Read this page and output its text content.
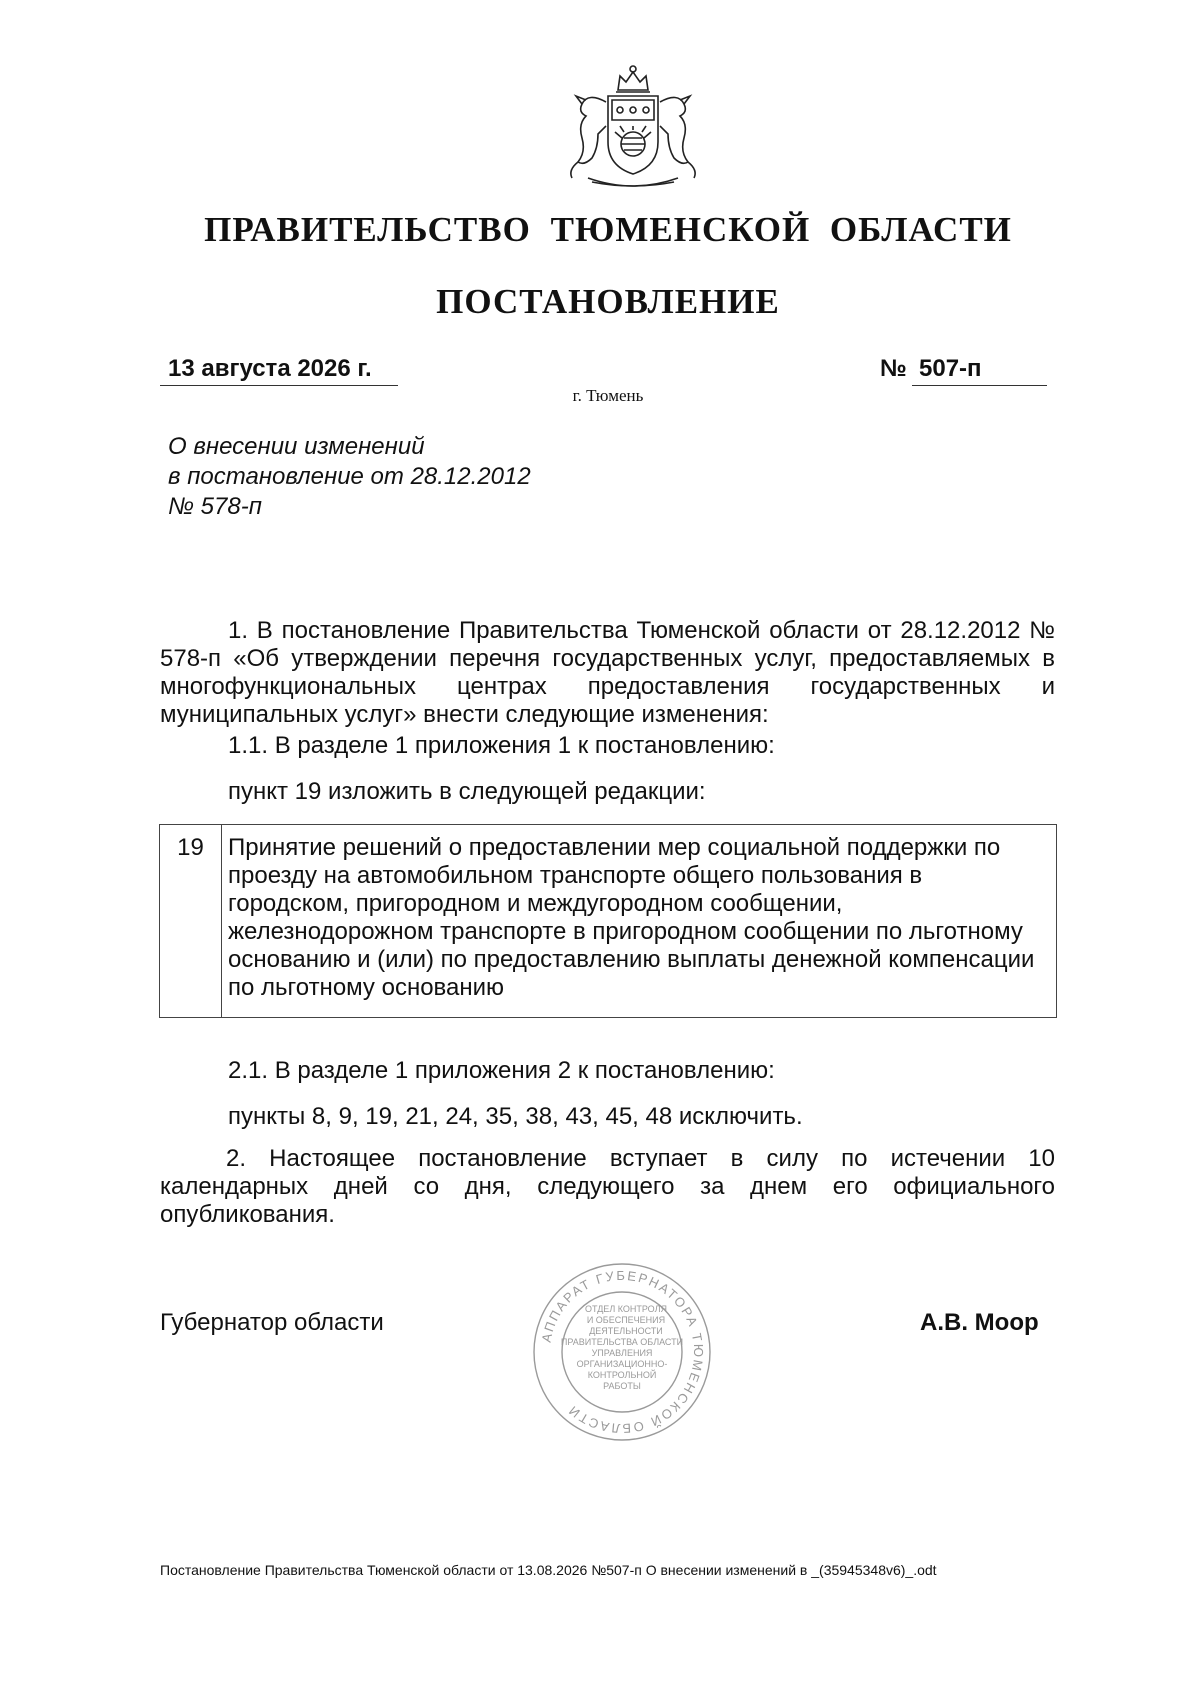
ПРАВИТЕЛЬСТВО ТЮМЕНСКОЙ ОБЛАСТИ
ПОСТАНОВЛЕНИЕ
13 августа 2026 г.	№ 507-п
г. Тюмень
О внесении изменений
в постановление от 28.12.2012
№ 578-п
1. В постановление Правительства Тюменской области от 28.12.2012 № 578-п «Об утверждении перечня государственных услуг, предоставляемых в многофункциональных центрах предоставления государственных и муниципальных услуг» внести следующие изменения:
1.1. В разделе 1 приложения 1 к постановлению:
пункт 19 изложить в следующей редакции:
19	Принятие решений о предоставлении мер социальной поддержки по
проезду на автомобильном транспорте общего пользования в
городском, пригородном и междугородном сообщении,
железнодорожном транспорте в пригородном сообщении по льготному
основанию и (или) по предоставлению выплаты денежной компенсации
по льготному основанию
2.1. В разделе 1 приложения 2 к постановлению:
пункты 8, 9, 19, 21, 24, 35, 38, 43, 45, 48 исключить.
2. Настоящее постановление вступает в силу по истечении 10 календарных дней со дня, следующего за днем его официального опубликования.
Губернатор области
АППАРАТ ГУБЕРНАТОРА ТЮМЕНСКОЙ ОБЛАСТИ
ОТДЕЛ КОНТРОЛЯ
И ОБЕСПЕЧЕНИЯ
ДЕЯТЕЛЬНОСТИ
ПРАВИТЕЛЬСТВА ОБЛАСТИ
УПРАВЛЕНИЯ
ОРГАНИЗАЦИОННО-
КОНТРОЛЬНОЙ
РАБОТЫ
А.В. Моор
Постановление Правительства Тюменской области от 13.08.2026 №507-п О внесении изменений в _(35945348v6)_.odt
